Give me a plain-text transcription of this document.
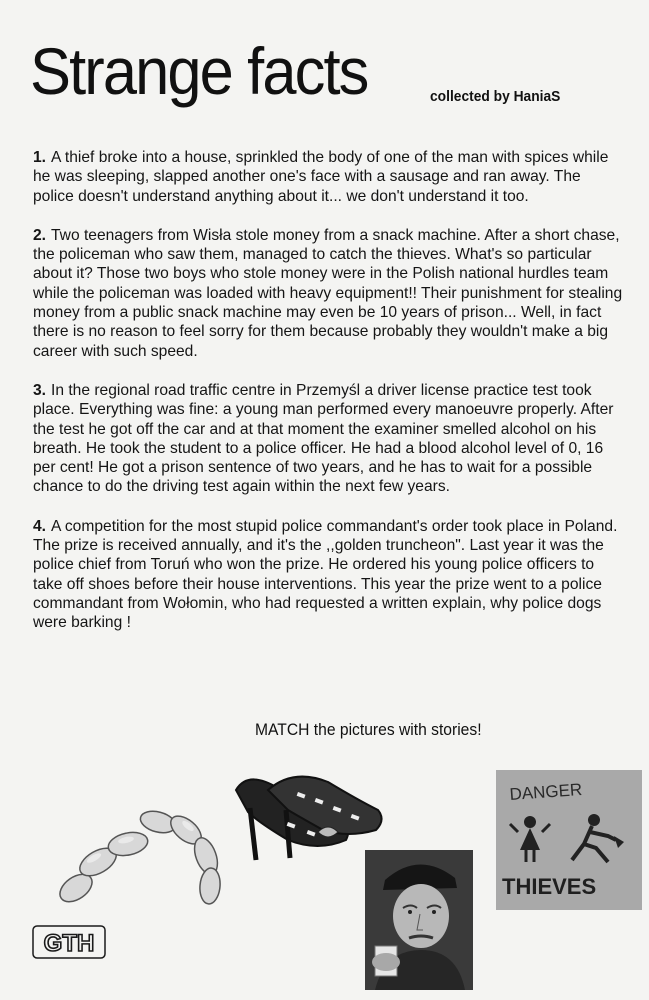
Strange facts	collected by HaniaS

1. A thief broke into a house, sprinkled the body of one of the man with spices while he was sleeping, slapped another one's face with a sausage and ran away. The police doesn't understand anything about it... we don't understand it too.

2. Two teenagers from Wisła stole money from a snack machine. After a short chase, the policeman who saw them, managed to catch the thieves. What's so particular about it? Those two boys who stole money were in the Polish national hurdles team while the policeman was loaded with heavy equipment!! Their punishment for stealing money from a public snack machine may even be 10 years of prison... Well, in fact there is no reason to feel sorry for them because probably they wouldn't make a big career with such speed.

3. In the regional road traffic centre in Przemyśl a driver license practice test took place. Everything was fine: a young man performed every manoeuvre properly. After the test he got off the car and at that moment the examiner smelled alcohol on his breath. He took the student to a police officer. He had a blood alcohol level of 0, 16 per cent! He got a prison sentence of two years, and he has to wait for a possible chance to do the driving test again within the next few years.

4. A competition for the most stupid police commandant's order took place in Poland. The prize is received annually, and it's the ,,golden truncheon". Last year it was the police chief from Toruń who won the prize. He ordered his young police officers to take off shoes before their house interventions. This year the prize went to a police commandant from Wołomin, who had requested a written explain, why police dogs were barking !

MATCH the pictures with stories!
DANGER
THIEVES
GTH
